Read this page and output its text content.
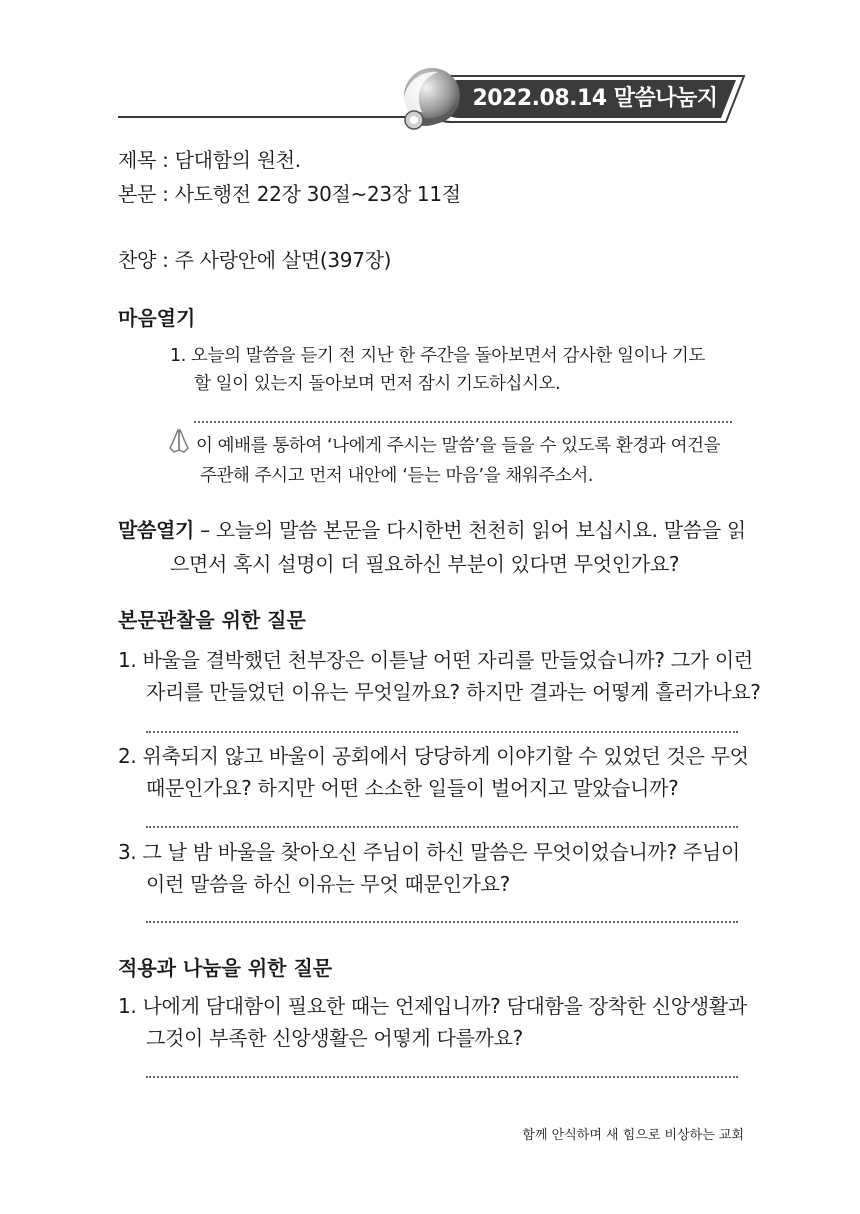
2022.08.14 말씀나눔지
제목 : 담대함의 원천.
본문 : 사도행전 22장 30절~23장 11절
찬양 : 주 사랑안에 살면(397장)
마음열기
1. 오늘의 말씀을 듣기 전 지난 한 주간을 돌아보면서 감사한 일이나 기도
할 일이 있는지 돌아보며 먼저 잠시 기도하십시오.
이 예배를 통하여 ‘나에게 주시는 말씀’을 들을 수 있도록 환경과 여건을
주관해 주시고 먼저 내안에 ‘듣는 마음’을 채워주소서.
말씀열기 – 오늘의 말씀 본문을 다시한번 천천히 읽어 보십시요. 말씀을 읽
으면서 혹시 설명이 더 필요하신 부분이 있다면 무엇인가요?
본문관찰을 위한 질문
1. 바울을 결박했던 천부장은 이튿날 어떤 자리를 만들었습니까? 그가 이런
자리를 만들었던 이유는 무엇일까요? 하지만 결과는 어떻게 흘러가나요?
2. 위축되지 않고 바울이 공회에서 당당하게 이야기할 수 있었던 것은 무엇
때문인가요? 하지만 어떤 소소한 일들이 벌어지고 말았습니까?
3. 그 날 밤 바울을 찾아오신 주님이 하신 말씀은 무엇이었습니까? 주님이
이런 말씀을 하신 이유는 무엇 때문인가요?
적용과 나눔을 위한 질문
1. 나에게 담대함이 필요한 때는 언제입니까? 담대함을 장착한 신앙생활과
그것이 부족한 신앙생활은 어떻게 다를까요?
함께 안식하며 새 힘으로 비상하는 교회
